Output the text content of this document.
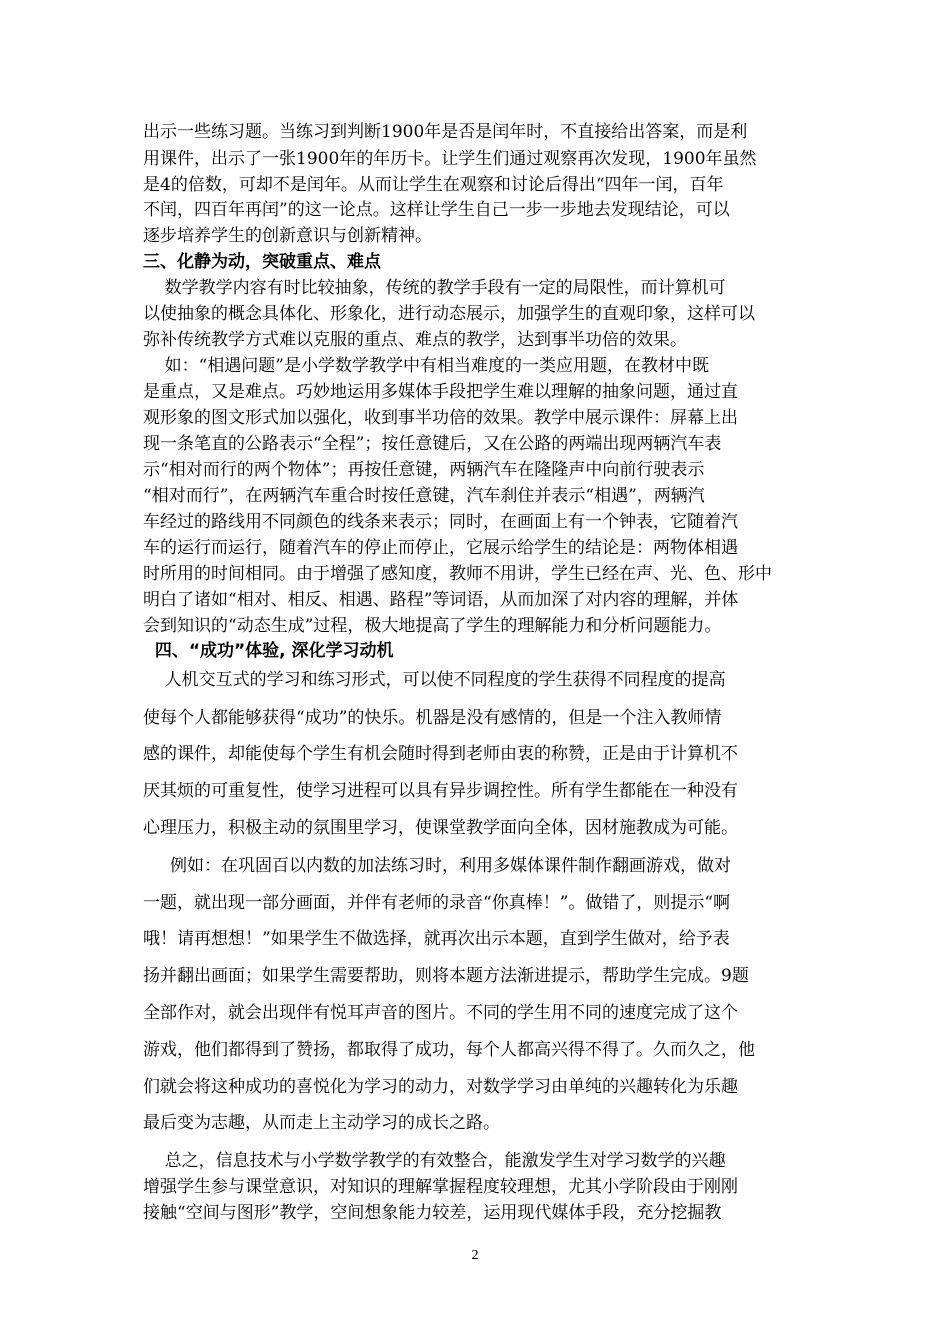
出示一些练习题。当练习到判断1900年是否是闰年时，不直接给出答案，而是利
用课件，出示了一张1900年的年历卡。让学生们通过观察再次发现，1900年虽然
是4的倍数，可却不是闰年。从而让学生在观察和讨论后得出“四年一闰，百年
不闰，四百年再闰”的这一论点。这样让学生自己一步一步地去发现结论，可以
逐步培养学生的创新意识与创新精神。
三、化静为动，突破重点、难点
数学教学内容有时比较抽象，传统的教学手段有一定的局限性，而计算机可
以使抽象的概念具体化、形象化，进行动态展示，加强学生的直观印象，这样可以
弥补传统教学方式难以克服的重点、难点的教学，达到事半功倍的效果。
如：“相遇问题”是小学数学教学中有相当难度的一类应用题，在教材中既
是重点，又是难点。巧妙地运用多媒体手段把学生难以理解的抽象问题，通过直
观形象的图文形式加以强化，收到事半功倍的效果。教学中展示课件：屏幕上出
现一条笔直的公路表示“全程”；按任意键后，又在公路的两端出现两辆汽车表
示“相对而行的两个物体”；再按任意键，两辆汽车在隆隆声中向前行驶表示
“相对而行”，在两辆汽车重合时按任意键，汽车刹住并表示“相遇”，两辆汽
车经过的路线用不同颜色的线条来表示；同时，在画面上有一个钟表，它随着汽
车的运行而运行，随着汽车的停止而停止，它展示给学生的结论是：两物体相遇
时所用的时间相同。由于增强了感知度，教师不用讲，学生已经在声、光、色、形中
明白了诸如“相对、相反、相遇、路程”等词语，从而加深了对内容的理解，并体
会到知识的“动态生成”过程，极大地提高了学生的理解能力和分析问题能力。
四、“成功”体验, 深化学习动机
人机交互式的学习和练习形式，可以使不同程度的学生获得不同程度的提高
使每个人都能够获得“成功”的快乐。机器是没有感情的，但是一个注入教师情
感的课件，却能使每个学生有机会随时得到老师由衷的称赞，正是由于计算机不
厌其烦的可重复性，使学习进程可以具有异步调控性。所有学生都能在一种没有
心理压力，积极主动的氛围里学习，使课堂教学面向全体，因材施教成为可能。
例如：在巩固百以内数的加法练习时，利用多媒体课件制作翻画游戏，做对
一题，就出现一部分画面，并伴有老师的录音“你真棒！”。做错了，则提示“啊
哦！请再想想！”如果学生不做选择，就再次出示本题，直到学生做对，给予表
扬并翻出画面；如果学生需要帮助，则将本题方法渐进提示，帮助学生完成。9题
全部作对，就会出现伴有悦耳声音的图片。不同的学生用不同的速度完成了这个
游戏，他们都得到了赞扬，都取得了成功，每个人都高兴得不得了。久而久之，他
们就会将这种成功的喜悦化为学习的动力，对数学学习由单纯的兴趣转化为乐趣
最后变为志趣，从而走上主动学习的成长之路。
总之，信息技术与小学数学教学的有效整合，能激发学生对学习数学的兴趣
增强学生参与课堂意识，对知识的理解掌握程度较理想，尤其小学阶段由于刚刚
接触“空间与图形”教学，空间想象能力较差，运用现代媒体手段，充分挖掘教
2
